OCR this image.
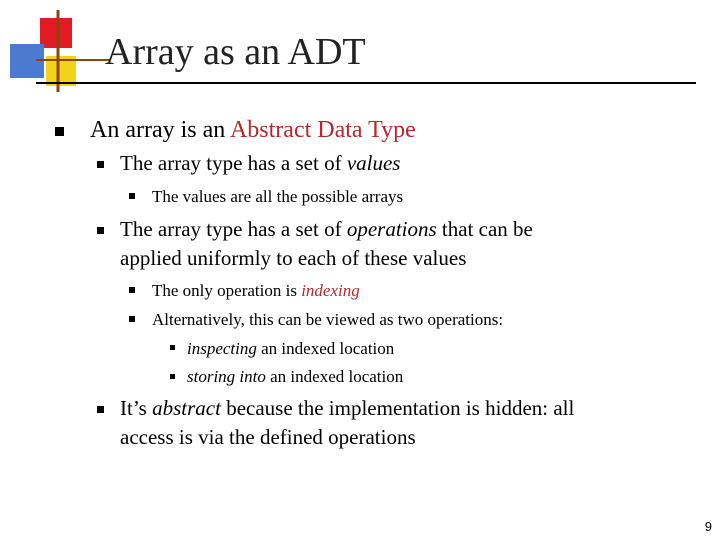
Array as an ADT
An array is an Abstract Data Type
The array type has a set of values
The values are all the possible arrays
The array type has a set of operations that can be
applied uniformly to each of these values
The only operation is indexing
Alternatively, this can be viewed as two operations:
inspecting an indexed location
storing into an indexed location
It’s abstract because the implementation is hidden: all
access is via the defined operations
9
